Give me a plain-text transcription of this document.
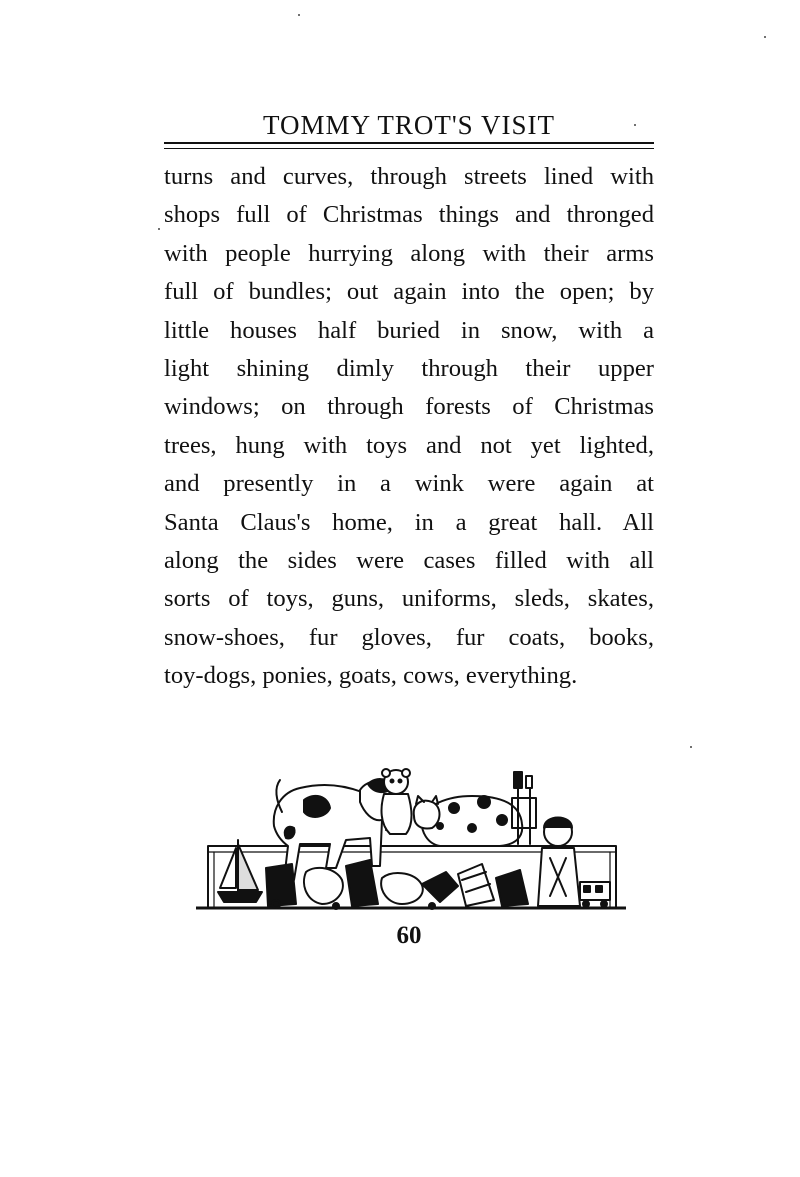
TOMMY TROT'S VISIT
turns and curves, through streets lined with
shops full of Christmas things and thronged
with people hurrying along with their arms
full of bundles; out again into the open; by
little houses half buried in snow, with a
light shining dimly through their upper
windows; on through forests of Christmas
trees, hung with toys and not yet lighted,
and presently in a wink were again at
Santa Claus's home, in a great hall. All
along the sides were cases filled with all
sorts of toys, guns, uniforms, sleds, skates,
snow-shoes, fur gloves, fur coats, books,
toy-dogs, ponies, goats, cows, everything.
60
